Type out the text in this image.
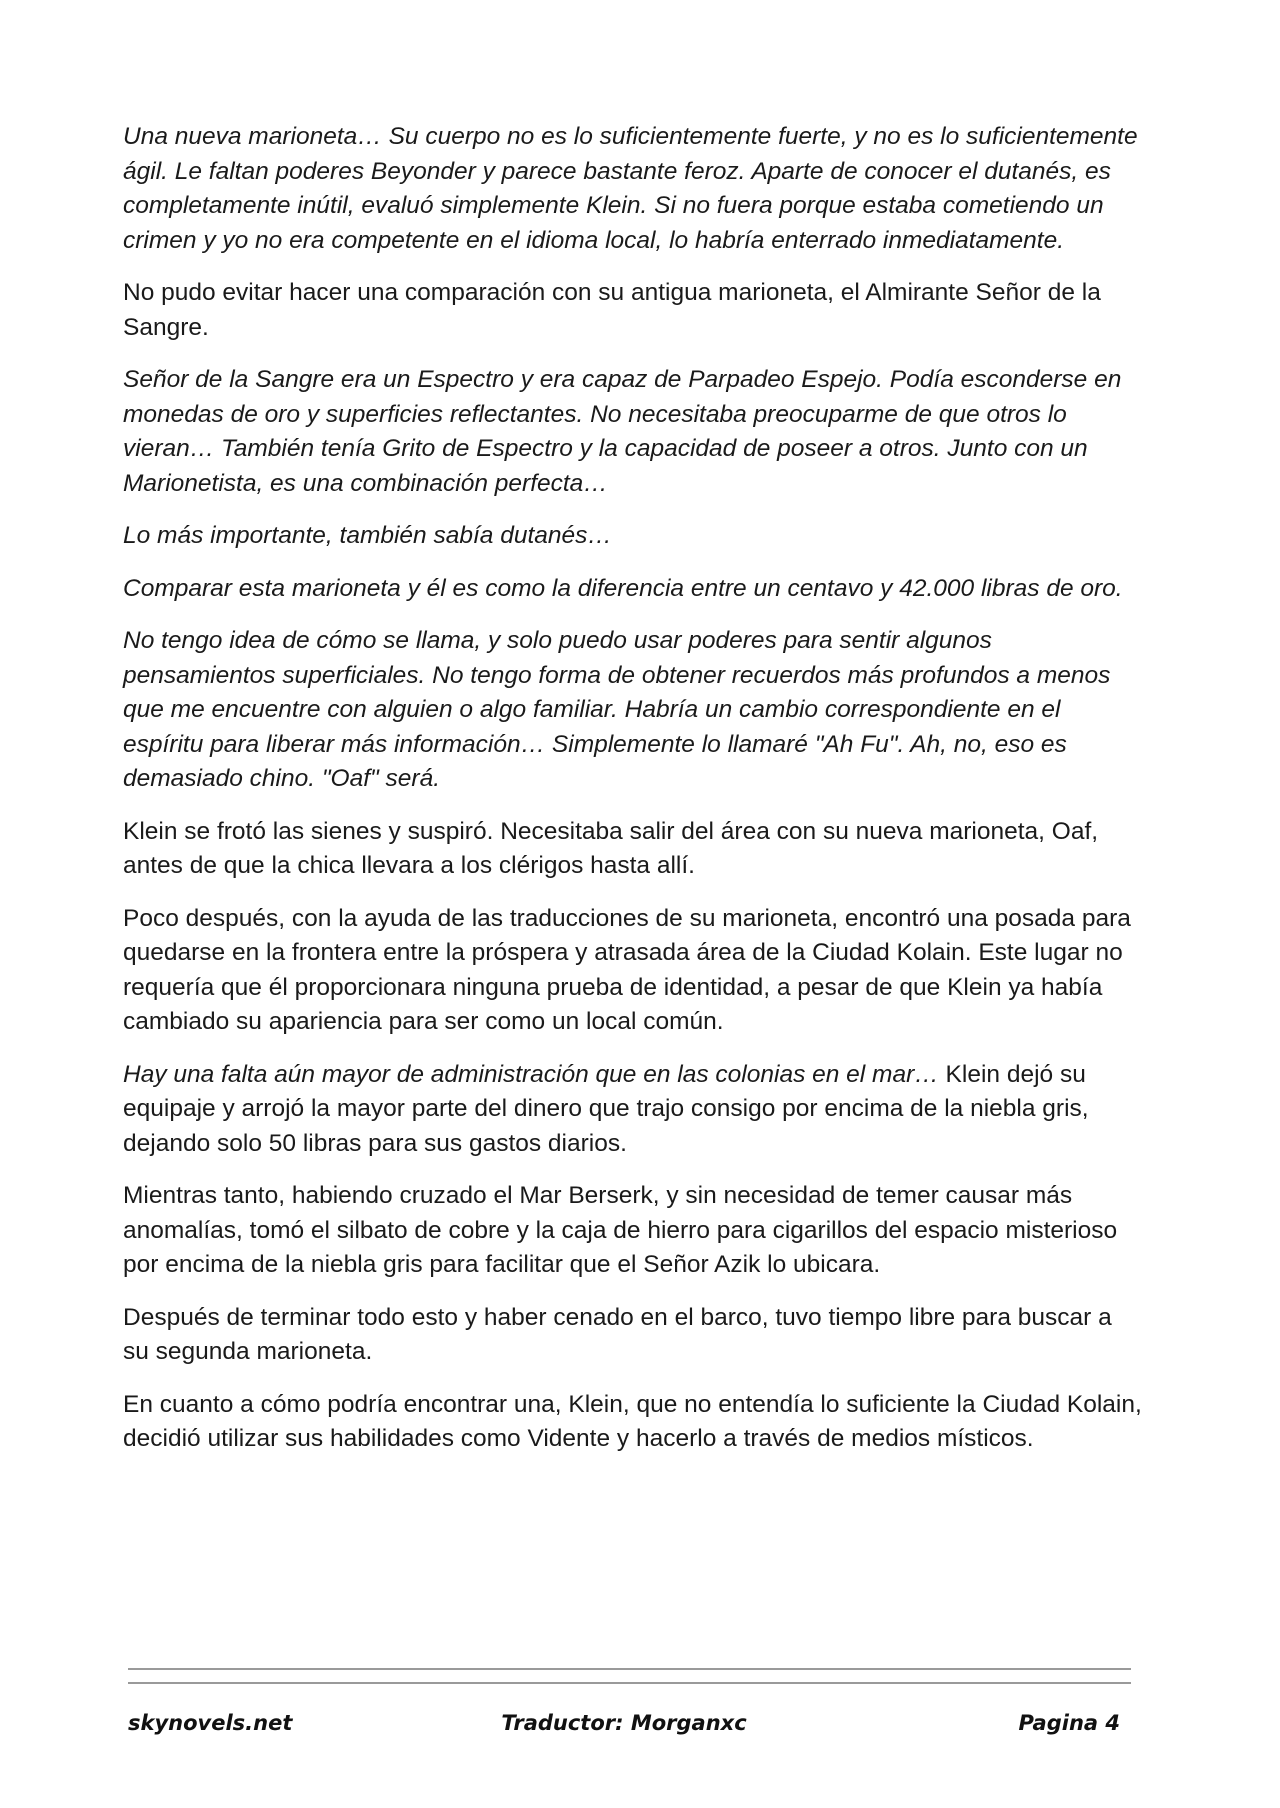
Una nueva marioneta… Su cuerpo no es lo suficientemente fuerte, y no es lo suficientemente ágil. Le faltan poderes Beyonder y parece bastante feroz. Aparte de conocer el dutanés, es completamente inútil, evaluó simplemente Klein. Si no fuera porque estaba cometiendo un crimen y yo no era competente en el idioma local, lo habría enterrado inmediatamente.

No pudo evitar hacer una comparación con su antigua marioneta, el Almirante Señor de la Sangre.

Señor de la Sangre era un Espectro y era capaz de Parpadeo Espejo. Podía esconderse en monedas de oro y superficies reflectantes. No necesitaba preocuparme de que otros lo vieran… También tenía Grito de Espectro y la capacidad de poseer a otros. Junto con un Marionetista, es una combinación perfecta…

Lo más importante, también sabía dutanés…

Comparar esta marioneta y él es como la diferencia entre un centavo y 42.000 libras de oro.

No tengo idea de cómo se llama, y solo puedo usar poderes para sentir algunos pensamientos superficiales. No tengo forma de obtener recuerdos más profundos a menos que me encuentre con alguien o algo familiar. Habría un cambio correspondiente en el espíritu para liberar más información… Simplemente lo llamaré "Ah Fu". Ah, no, eso es demasiado chino. "Oaf" será.

Klein se frotó las sienes y suspiró. Necesitaba salir del área con su nueva marioneta, Oaf, antes de que la chica llevara a los clérigos hasta allí.

Poco después, con la ayuda de las traducciones de su marioneta, encontró una posada para quedarse en la frontera entre la próspera y atrasada área de la Ciudad Kolain. Este lugar no requería que él proporcionara ninguna prueba de identidad, a pesar de que Klein ya había cambiado su apariencia para ser como un local común.

Hay una falta aún mayor de administración que en las colonias en el mar… Klein dejó su equipaje y arrojó la mayor parte del dinero que trajo consigo por encima de la niebla gris, dejando solo 50 libras para sus gastos diarios.

Mientras tanto, habiendo cruzado el Mar Berserk, y sin necesidad de temer causar más anomalías, tomó el silbato de cobre y la caja de hierro para cigarillos del espacio misterioso por encima de la niebla gris para facilitar que el Señor Azik lo ubicara.

Después de terminar todo esto y haber cenado en el barco, tuvo tiempo libre para buscar a su segunda marioneta.

En cuanto a cómo podría encontrar una, Klein, que no entendía lo suficiente la Ciudad Kolain, decidió utilizar sus habilidades como Vidente y hacerlo a través de medios místicos.

skynovels.net	Traductor: Morganxc	Pagina 4
